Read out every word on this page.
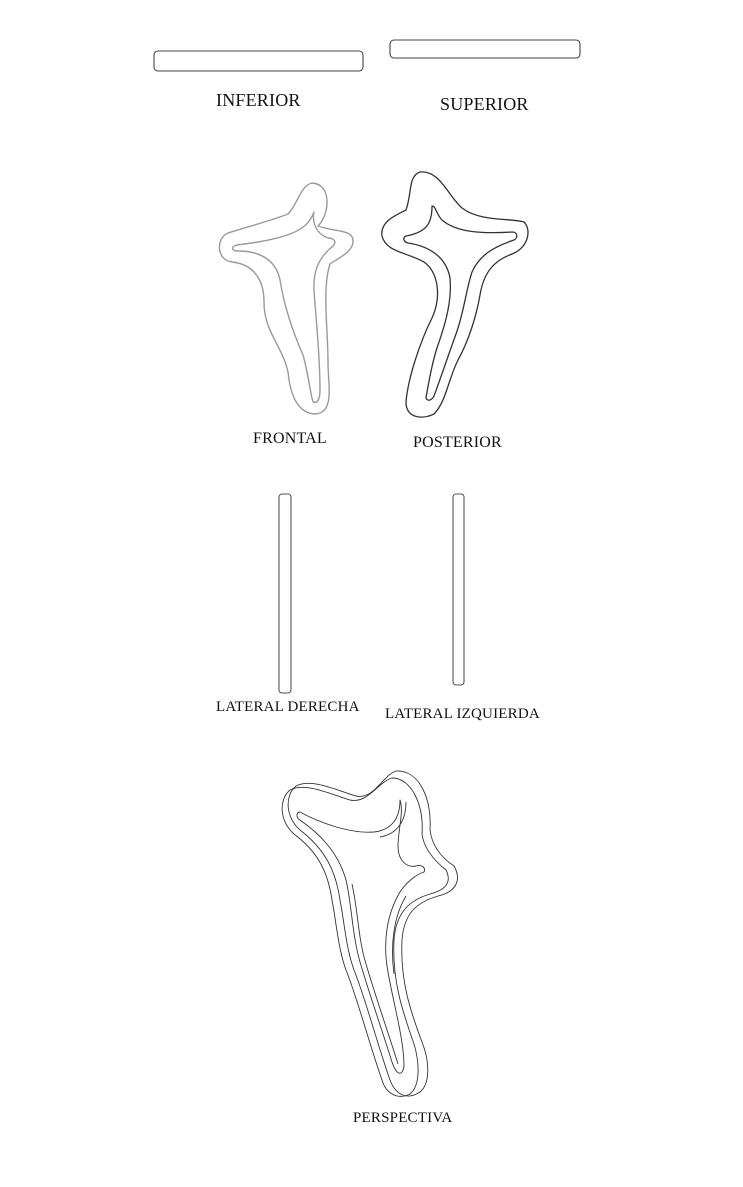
INFERIOR	SUPERIOR
FRONTAL	POSTERIOR
LATERAL DERECHA LATERAL IZQUIERDA
PERSPECTIVA
